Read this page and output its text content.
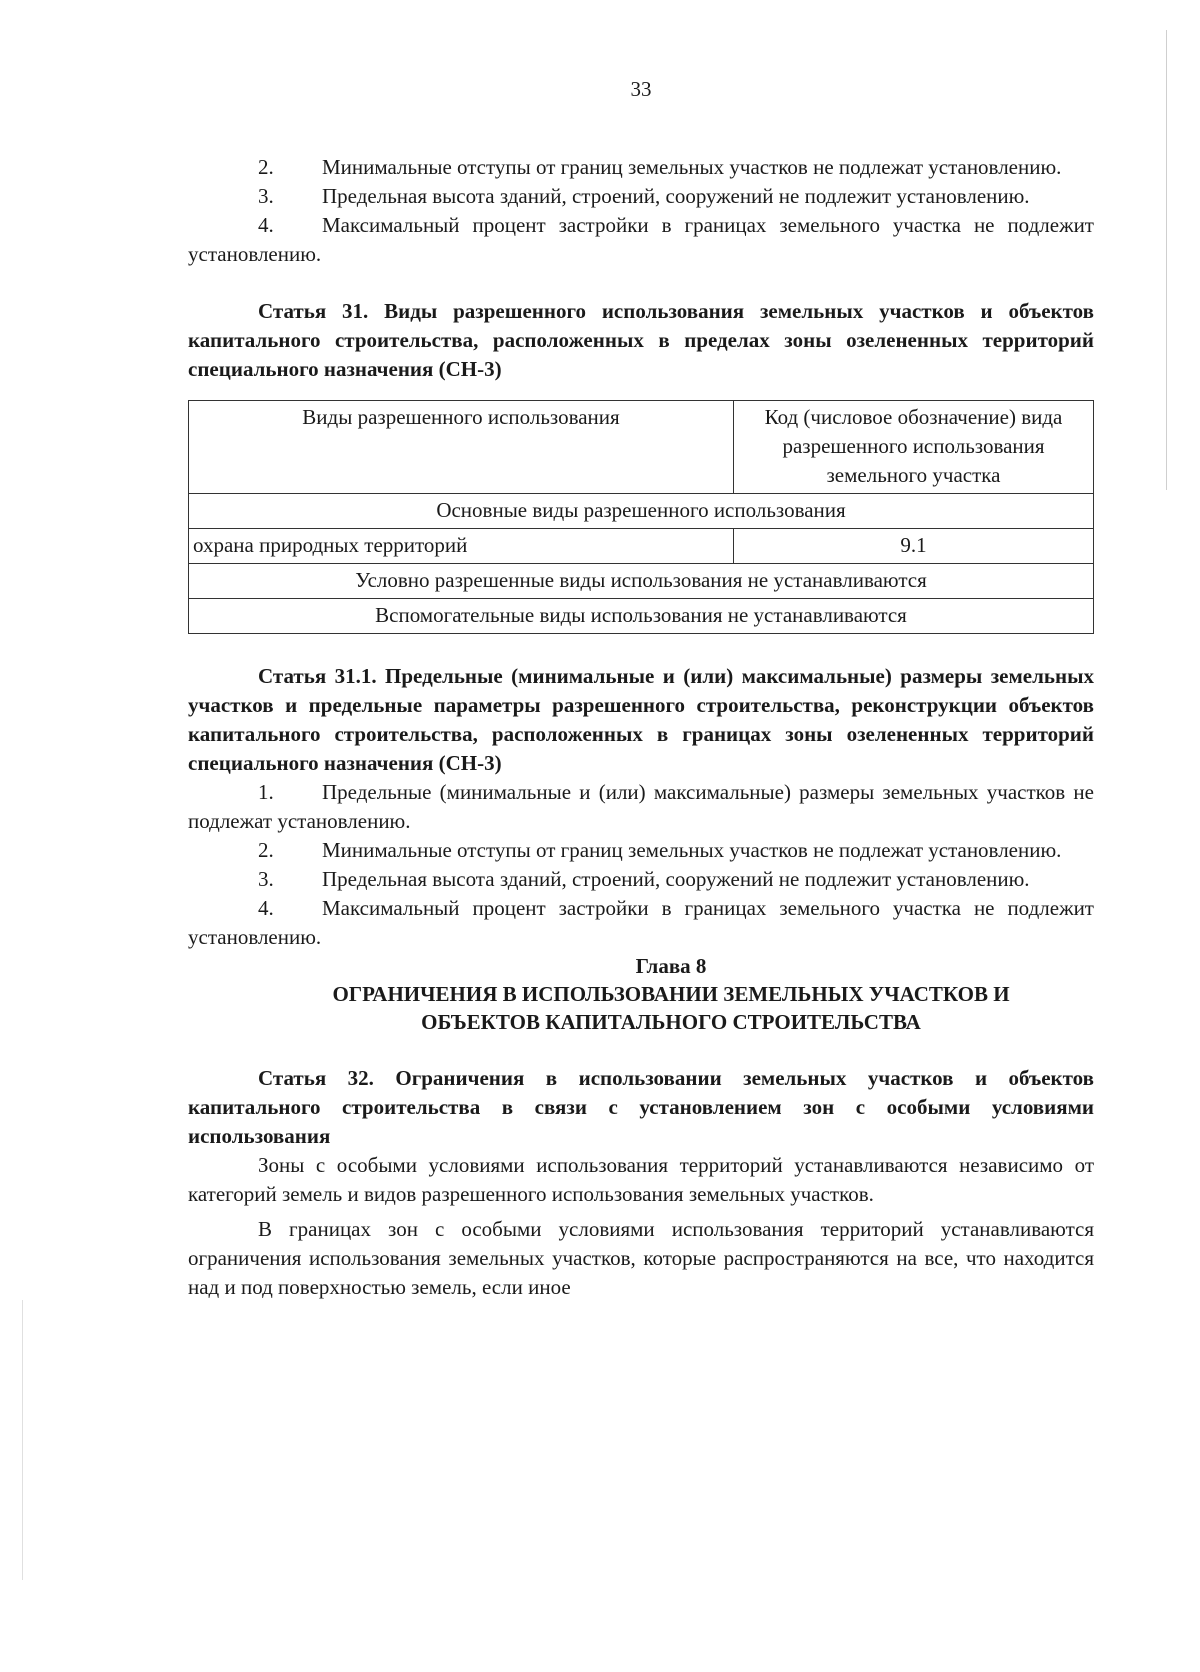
33

2. Минимальные отступы от границ земельных участков не подлежат установлению.

3. Предельная высота зданий, строений, сооружений не подлежит установлению.

4. Максимальный процент застройки в границах земельного участка не подлежит установлению.

Статья 31. Виды разрешенного использования земельных участков и объектов капитального строительства, расположенных в пределах зоны озелененных территорий специального назначения (СН-3)

Виды разрешенного использования	Код (числовое обозначение) вида разрешенного использования земельного участка
Основные виды разрешенного использования	
охрана природных территорий	9.1
Условно разрешенные виды использования не устанавливаются	
Вспомогательные виды использования не устанавливаются	

Статья 31.1. Предельные (минимальные и (или) максимальные) размеры земельных участков и предельные параметры разрешенного строительства, реконструкции объектов капитального строительства, расположенных в границах зоны озелененных территорий специального назначения (СН-3)

1. Предельные (минимальные и (или) максимальные) размеры земельных участков не подлежат установлению.

2. Минимальные отступы от границ земельных участков не подлежат установлению.

3. Предельная высота зданий, строений, сооружений не подлежит установлению.

4. Максимальный процент застройки в границах земельного участка не подлежит установлению.

Глава 8
ОГРАНИЧЕНИЯ В ИСПОЛЬЗОВАНИИ ЗЕМЕЛЬНЫХ УЧАСТКОВ И
ОБЪЕКТОВ КАПИТАЛЬНОГО СТРОИТЕЛЬСТВА

Статья 32. Ограничения в использовании земельных участков и объектов капитального строительства в связи с установлением зон с особыми условиями использования

Зоны с особыми условиями использования территорий устанавливаются независимо от категорий земель и видов разрешенного использования земельных участков.

В границах зон с особыми условиями использования территорий устанавливаются ограничения использования земельных участков, которые распространяются на все, что находится над и под поверхностью земель, если иное
